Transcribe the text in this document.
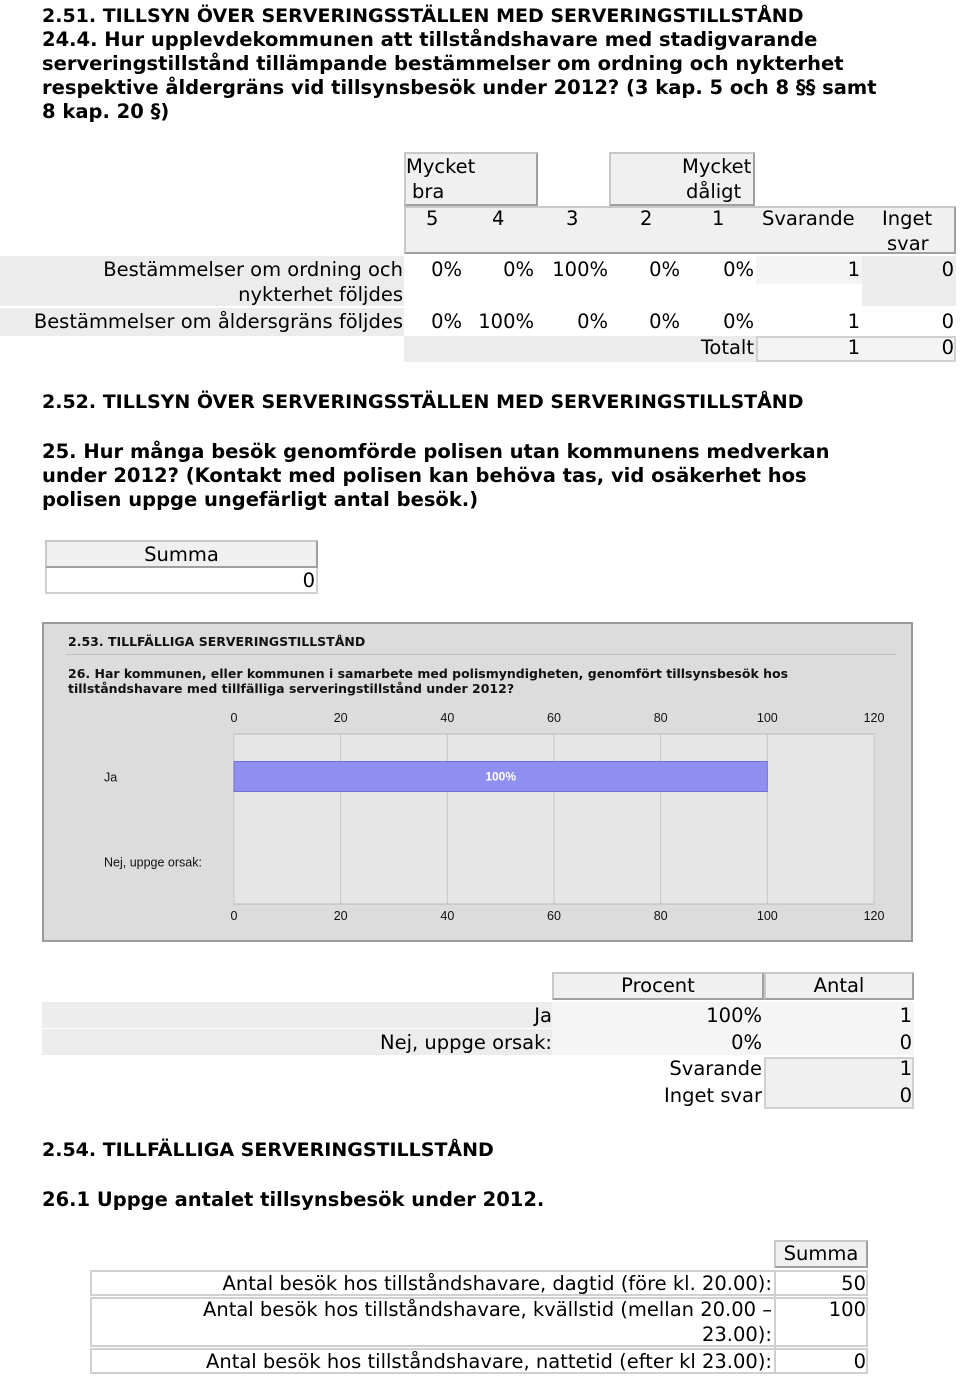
2.51. TILLSYN ÖVER SERVERINGSSTÄLLEN MED SERVERINGSTILLSTÅND
24.4. Hur upplevdekommunen att tillståndshavare med stadigvarande
serveringstillstånd tillämpande bestämmelser om ordning och nykterhet
respektive åldergräns vid tillsynsbesök under 2012? (3 kap. 5 och 8 §§ samt
8 kap. 20 §)
Mycket
bra
Mycket
dåligt
5	4	3	2	1 Svarande Inget
svar
Bestämmelser om ordning och
nykterhet följdes
0%	0% 100%	0%	0%	1	0
Bestämmelser om åldersgräns följdes	0% 100%	0%	0%	0%	1	0
Totalt	1	0
2.52. TILLSYN ÖVER SERVERINGSSTÄLLEN MED SERVERINGSTILLSTÅND
25. Hur många besök genomförde polisen utan kommunens medverkan
under 2012? (Kontakt med polisen kan behöva tas, vid osäkerhet hos
polisen uppge ungefärligt antal besök.)
Summa
0
2.53. TILLFÄLLIGA SERVERINGSTILLSTÅND
26. Har kommunen, eller kommunen i samarbete med polismyndigheten, genomfört tillsynsbesök hos
tillståndshavare med tillfälliga serveringstillstånd under 2012?
0
0
20
20
40
40
60
60
80
80
100
100
120
120
Ja	100%
Nej, uppge orsak:
Procent	Antal
Ja	100%	1
Nej, uppge orsak:	0%	0
Svarande	1
Inget svar	0
2.54. TILLFÄLLIGA SERVERINGSTILLSTÅND
26.1 Uppge antalet tillsynsbesök under 2012.
Summa
Antal besök hos tillståndshavare, dagtid (före kl. 20.00):	50
Antal besök hos tillståndshavare, kvällstid (mellan 20.00 –
23.00):
100
Antal besök hos tillståndshavare, nattetid (efter kl 23.00):	0
